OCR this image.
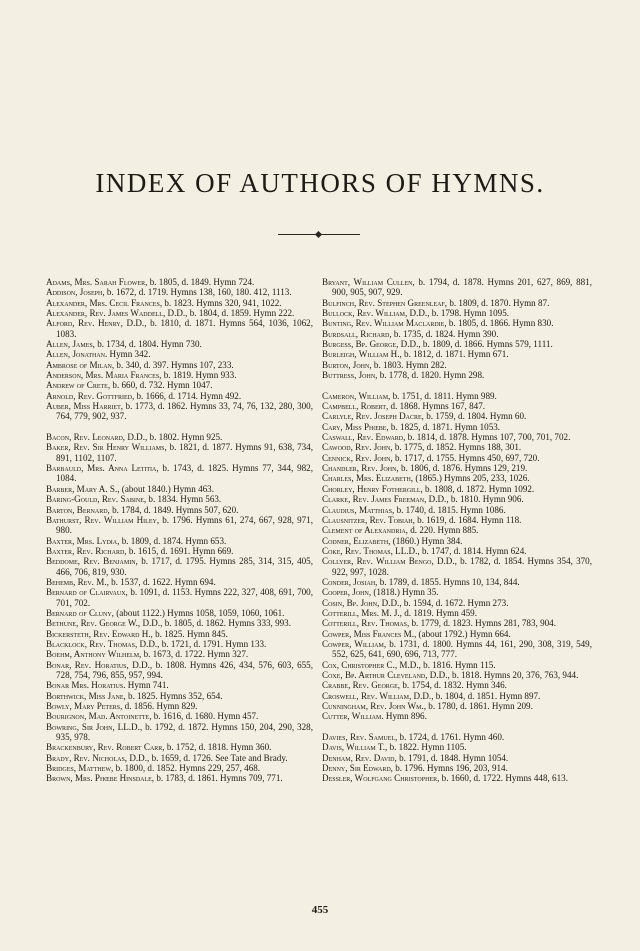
INDEX OF AUTHORS OF HYMNS.

Adams, Mrs. Sarah Flower, b. 1805, d. 1849. Hymn 724.

Addison, Joseph, b. 1672, d. 1719. Hymns 138, 160, 180. 412, 1113.

Alexander, Mrs. Cecil Frances, b. 1823. Hymns 320, 941, 1022.

Alexander, Rev. James Waddell, D.D., b. 1804, d. 1859. Hymn 222.

Alford, Rev. Henry, D.D., b. 1810, d. 1871. Hymns 564, 1036, 1062, 1083.

Allen, James, b. 1734, d. 1804. Hymn 730.

Allen, Jonathan. Hymn 342.

Ambrose of Milan, b. 340, d. 397. Hymns 107, 233.

Anderson, Mrs. Maria Frances, b. 1819. Hymn 933.

Andrew of Crete, b. 660, d. 732. Hymn 1047.

Arnold, Rev. Gottfried, b. 1666, d. 1714. Hymn 492.

Auber, Miss Harriet, b. 1773, d. 1862. Hymns 33, 74, 76, 132, 280, 300, 764, 779, 902, 937.

Bacon, Rev. Leonard, D.D., b. 1802. Hymn 925.

Baker, Rev. Sir Henry Williams, b. 1821, d. 1877. Hymns 91, 638, 734, 891, 1102, 1107.

Barbauld, Mrs. Anna Letitia, b. 1743, d. 1825. Hymns 77, 344, 982, 1084.

Barber, Mary A. S., (about 1840.) Hymn 463.

Baring-Gould, Rev. Sabine, b. 1834. Hymn 563.

Barton, Bernard, b. 1784, d. 1849. Hymns 507, 620.

Bathurst, Rev. William Hiley, b. 1796. Hymns 61, 274, 667, 928, 971, 980.

Baxter, Mrs. Lydia, b. 1809, d. 1874. Hymn 653.

Baxter, Rev. Richard, b. 1615, d. 1691. Hymn 669.

Beddome, Rev. Benjamin, b. 1717, d. 1795. Hymns 285, 314, 315, 405, 466, 706, 819, 930.

Behemb, Rev. M., b. 1537, d. 1622. Hymn 694.

Bernard of Clairvaux, b. 1091, d. 1153. Hymns 222, 327, 408, 691, 700, 701, 702.

Bernard of Cluny, (about 1122.) Hymns 1058, 1059, 1060, 1061.

Bethune, Rev. George W., D.D., b. 1805, d. 1862. Hymns 333, 993.

Bickersteth, Rev. Edward H., b. 1825. Hymn 845.

Blacklock, Rev. Thomas, D.D., b. 1721, d. 1791. Hymn 133.

Boehm, Anthony Wilhelm, b. 1673, d. 1722. Hymn 327.

Bonar, Rev. Horatius, D.D., b. 1808. Hymns 426, 434, 576, 603, 655, 728, 754, 796, 855, 957, 994.

Bonar Mrs. Horatius. Hymn 741.

Borthwick, Miss Jane, b. 1825. Hymns 352, 654.

Bowly, Mary Peters, d. 1856. Hymn 829.

Bourignon, Mad. Antoinette, b. 1616, d. 1680. Hymn 457.

Bowring, Sir John, LL.D., b. 1792, d. 1872. Hymns 150, 204, 290, 328, 935, 978.

Brackenbury, Rev. Robert Carr, b. 1752, d. 1818. Hymn 360.

Brady, Rev. Nicholas, D.D., b. 1659, d. 1726. See Tate and Brady.

Bridges, Matthew, b. 1800, d. 1852. Hymns 229, 257, 468.

Brown, Mrs. Phœbe Hinsdale, b. 1783, d. 1861. Hymns 709, 771.

Bryant, William Cullen, b. 1794, d. 1878. Hymns 201, 627, 869, 881, 900, 905, 907, 929.

Bulfinch, Rev. Stephen Greenleaf, b. 1809, d. 1870. Hymn 87.

Bullock, Rev. William, D.D., b. 1798. Hymn 1095.

Bunting, Rev. William Maclardie, b. 1805, d. 1866. Hymn 830.

Burdsall, Richard, b. 1735, d. 1824. Hymn 390.

Burgess, Bp. George, D.D., b. 1809, d. 1866. Hymns 579, 1111.

Burleigh, William H., b. 1812, d. 1871. Hymn 671.

Burton, John, b. 1803. Hymn 282.

Buttress, John, b. 1778, d. 1820. Hymn 298.

Cameron, William, b. 1751, d. 1811. Hymn 989.

Campbell, Robert, d. 1868. Hymns 167, 847.

Carlyle, Rev. Joseph Dacre, b. 1759, d. 1804. Hymn 60.

Cary, Miss Phœbe, b. 1825, d. 1871. Hymn 1053.

Caswall, Rev. Edward, b. 1814, d. 1878. Hymns 107, 700, 701, 702.

Cawood, Rev. John, b. 1775, d. 1852. Hymns 188, 301.

Cennick, Rev. John, b. 1717, d. 1755. Hymns 450, 697, 720.

Chandler, Rev. John, b. 1806, d. 1876. Hymns 129, 219.

Charles, Mrs. Elizabeth, (1865.) Hymns 205, 233, 1026.

Chorley, Henry Fothergill, b. 1808, d. 1872. Hymn 1092.

Clarke, Rev. James Freeman, D.D., b. 1810. Hymn 906.

Claudius, Matthias, b. 1740, d. 1815. Hymn 1086.

Clausnitzer, Rev. Tobiah, b. 1619, d. 1684. Hymn 118.

Clement of Alexandria, d. 220. Hymn 885.

Codner, Elizabeth, (1860.) Hymn 384.

Coke, Rev. Thomas, LL.D., b. 1747, d. 1814. Hymn 624.

Collyer, Rev. William Bengo, D.D., b. 1782, d. 1854. Hymns 354, 370, 922, 997, 1028.

Conder, Josiah, b. 1789, d. 1855. Hymns 10, 134, 844.

Cooper, John, (1818.) Hymn 35.

Cosin, Bp. John, D.D., b. 1594, d. 1672. Hymn 273.

Cotterill, Mrs. M. J., d. 1819. Hymn 459.

Cotterill, Rev. Thomas, b. 1779, d. 1823. Hymns 281, 783, 904.

Cowper, Miss Frances M., (about 1792.) Hymn 664.

Cowper, William, b. 1731, d. 1800. Hymns 44, 161, 290, 308, 319, 549, 552, 625, 641, 690, 696, 713, 777.

Cox, Christopher C., M.D., b. 1816. Hymn 115.

Coxe, Bp. Arthur Cleveland, D.D., b. 1818. Hymns 20, 376, 763, 944.

Crabbe, Rev. George, b. 1754, d. 1832. Hymn 346.

Croswell, Rev. William, D.D., b. 1804, d. 1851. Hymn 897.

Cunningham, Rev. John Wm., b. 1780, d. 1861. Hymn 209.

Cutter, William. Hymn 896.

Davies, Rev. Samuel, b. 1724, d. 1761. Hymn 460.

Davis, William T., b. 1822. Hymn 1105.

Denham, Rev. David, b. 1791, d. 1848. Hymn 1054.

Denny, Sir Edward, b. 1796. Hymns 196, 203, 914.

Dessler, Wolfgang Christopher, b. 1660, d. 1722. Hymns 448, 613.

455
